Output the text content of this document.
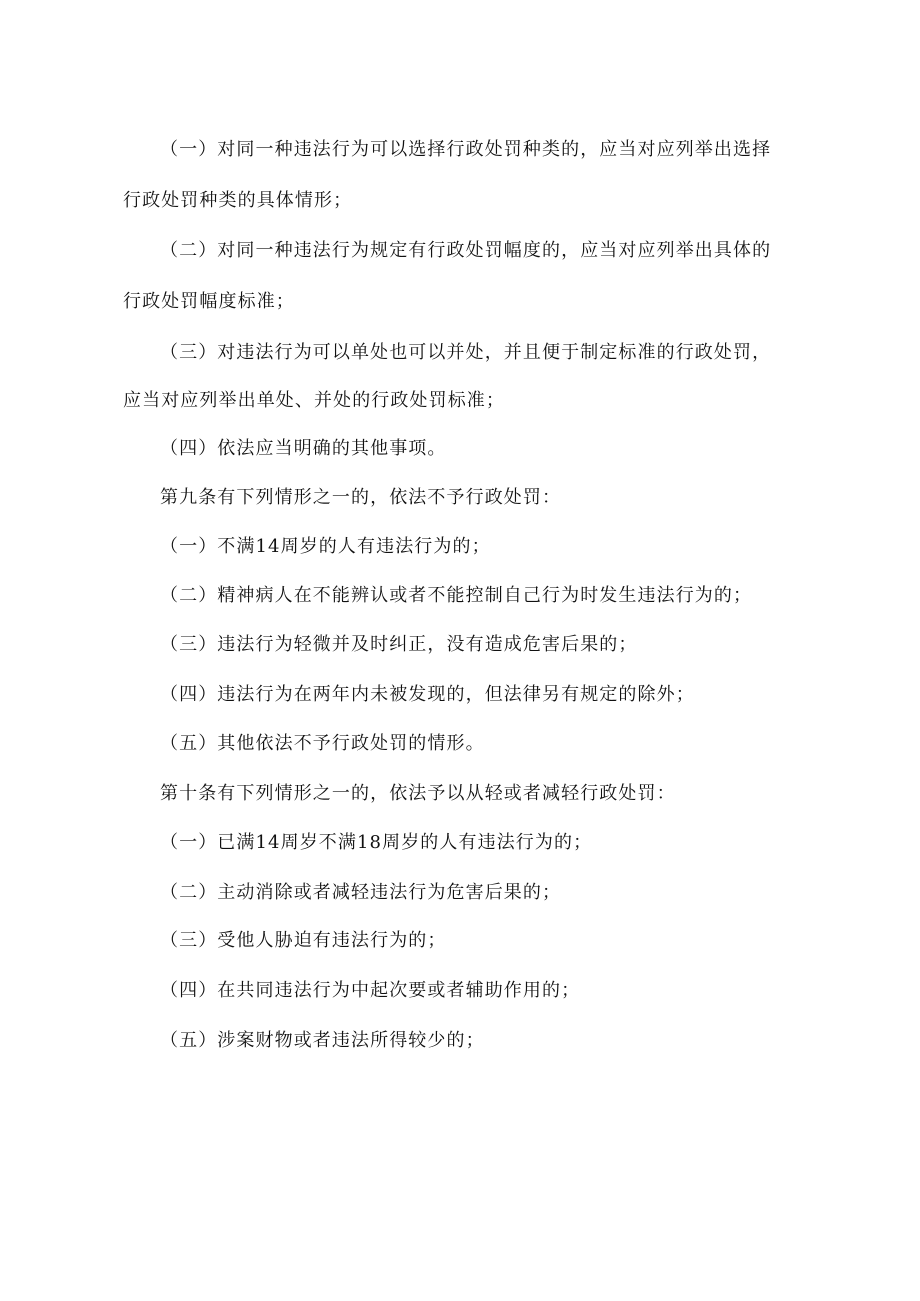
（一）对同一种违法行为可以选择行政处罚种类的，应当对应列举出选择

行政处罚种类的具体情形；

（二）对同一种违法行为规定有行政处罚幅度的，应当对应列举出具体的

行政处罚幅度标准；

（三）对违法行为可以单处也可以并处，并且便于制定标准的行政处罚，

应当对应列举出单处、并处的行政处罚标准；

（四）依法应当明确的其他事项。

第九条有下列情形之一的，依法不予行政处罚：

（一）不满14周岁的人有违法行为的；

（二）精神病人在不能辨认或者不能控制自己行为时发生违法行为的；

（三）违法行为轻微并及时纠正，没有造成危害后果的；

（四）违法行为在两年内未被发现的，但法律另有规定的除外；

（五）其他依法不予行政处罚的情形。

第十条有下列情形之一的，依法予以从轻或者减轻行政处罚：

（一）已满14周岁不满18周岁的人有违法行为的；

（二）主动消除或者减轻违法行为危害后果的；

（三）受他人胁迫有违法行为的；

（四）在共同违法行为中起次要或者辅助作用的；

（五）涉案财物或者违法所得较少的；
